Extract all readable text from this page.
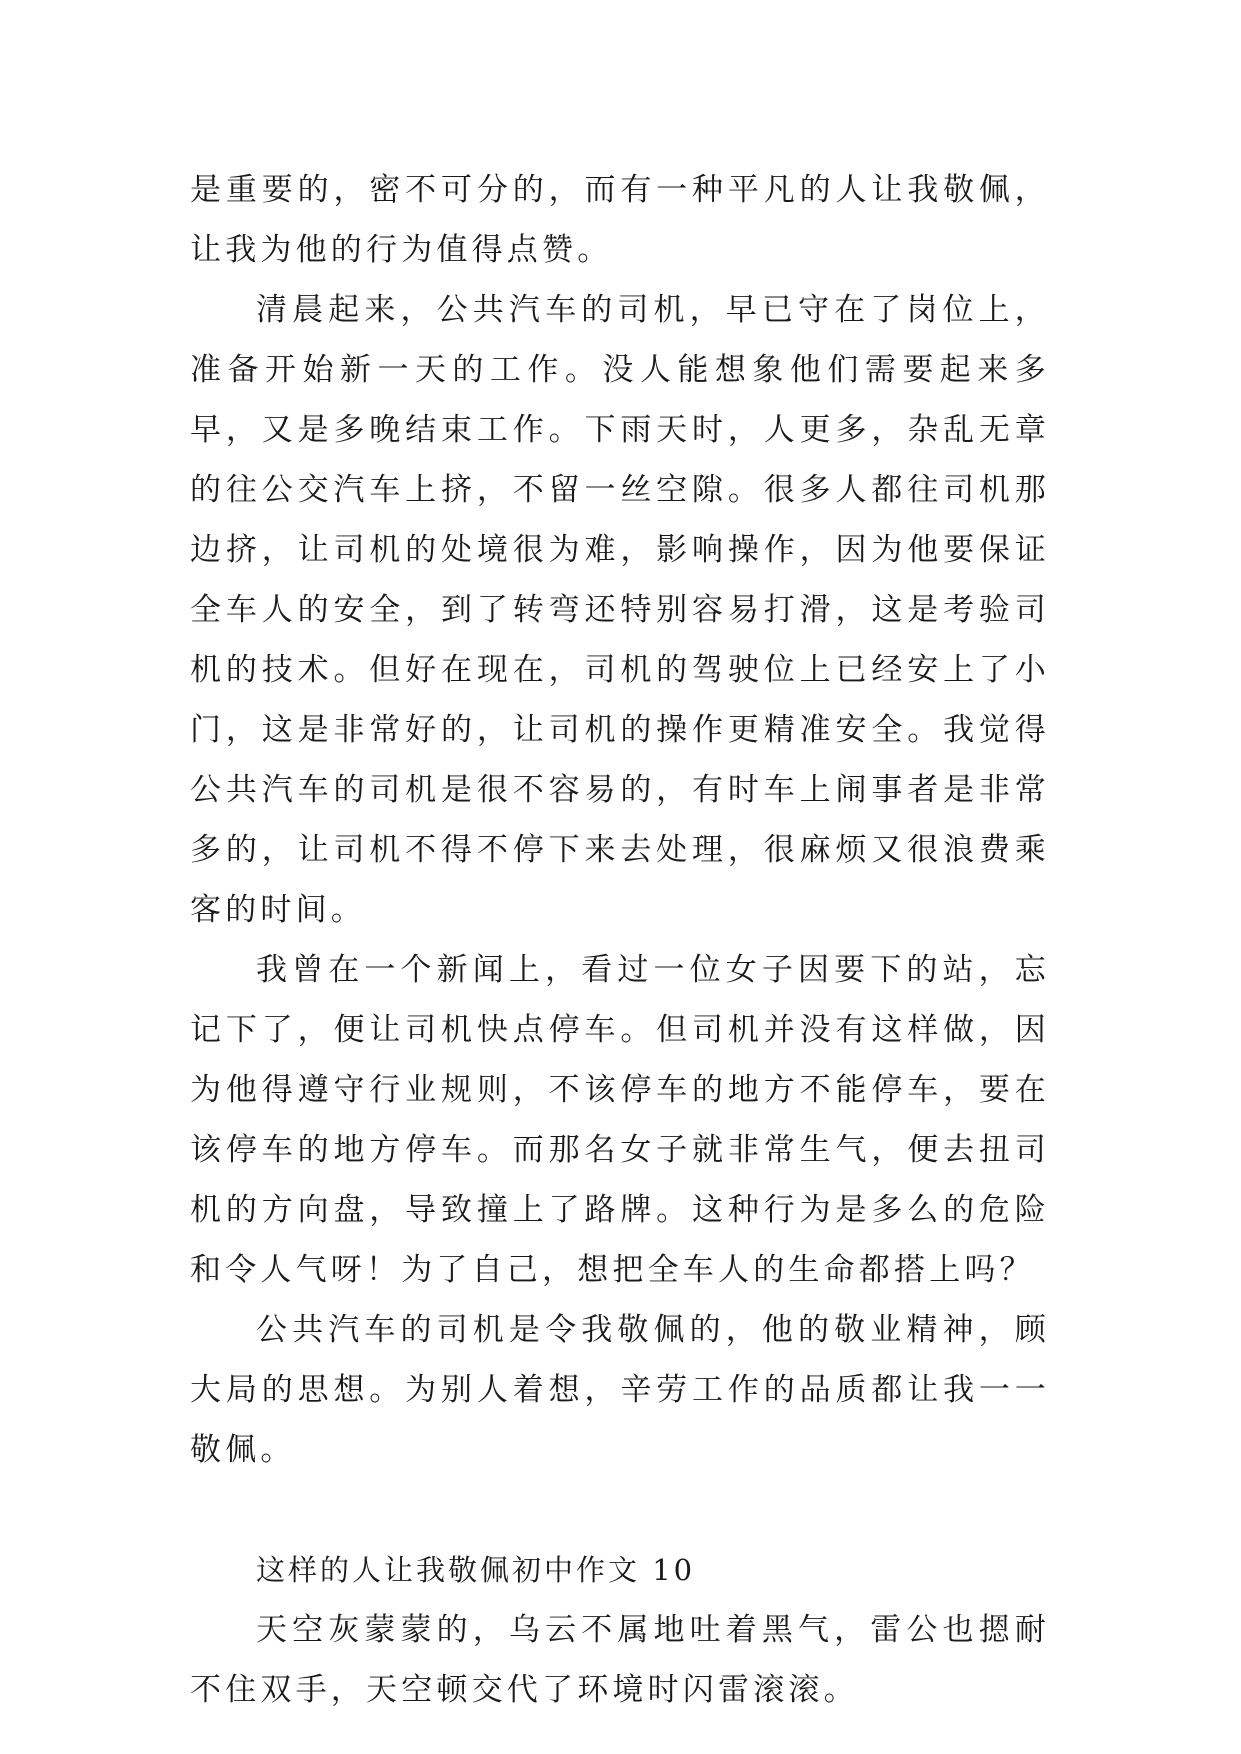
是重要的，密不可分的，而有一种平凡的人让我敬佩，让我为他的行为值得点赞。

清晨起来，公共汽车的司机，早已守在了岗位上，准备开始新一天的工作。没人能想象他们需要起来多早，又是多晚结束工作。下雨天时，人更多，杂乱无章的往公交汽车上挤，不留一丝空隙。很多人都往司机那边挤，让司机的处境很为难，影响操作，因为他要保证全车人的安全，到了转弯还特别容易打滑，这是考验司机的技术。但好在现在，司机的驾驶位上已经安上了小门，这是非常好的，让司机的操作更精准安全。我觉得公共汽车的司机是很不容易的，有时车上闹事者是非常多的，让司机不得不停下来去处理，很麻烦又很浪费乘客的时间。

我曾在一个新闻上，看过一位女子因要下的站，忘记下了，便让司机快点停车。但司机并没有这样做，因为他得遵守行业规则，不该停车的地方不能停车，要在该停车的地方停车。而那名女子就非常生气，便去扭司机的方向盘，导致撞上了路牌。这种行为是多么的危险和令人气呀！为了自己，想把全车人的生命都搭上吗？

公共汽车的司机是令我敬佩的，他的敬业精神，顾大局的思想。为别人着想，辛劳工作的品质都让我一一敬佩。

这样的人让我敬佩初中作文 10

天空灰蒙蒙的，乌云不属地吐着黑气，雷公也摁耐不住双手，天空顿交代了环境时闪雷滚滚。
